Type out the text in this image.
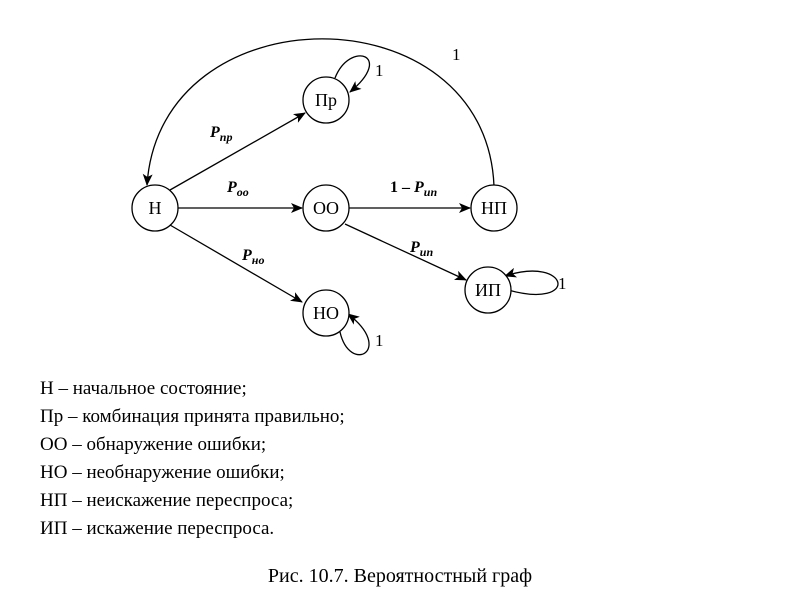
Н
Пр
ОО	НП
НО
ИП
$P_{пр}$
$P_{оо}$
$P_{но}$
$1 - P_{ип}$
$P_{ип}$
1
1
1
1
Н – начальное состояние;
Пр – комбинация принята правильно;
ОО – обнаружение ошибки;
НО – необнаружение ошибки;
НП – неискажение переспроса;
ИП – искажение переспроса.
Рис. 10.7. Вероятностный граф
